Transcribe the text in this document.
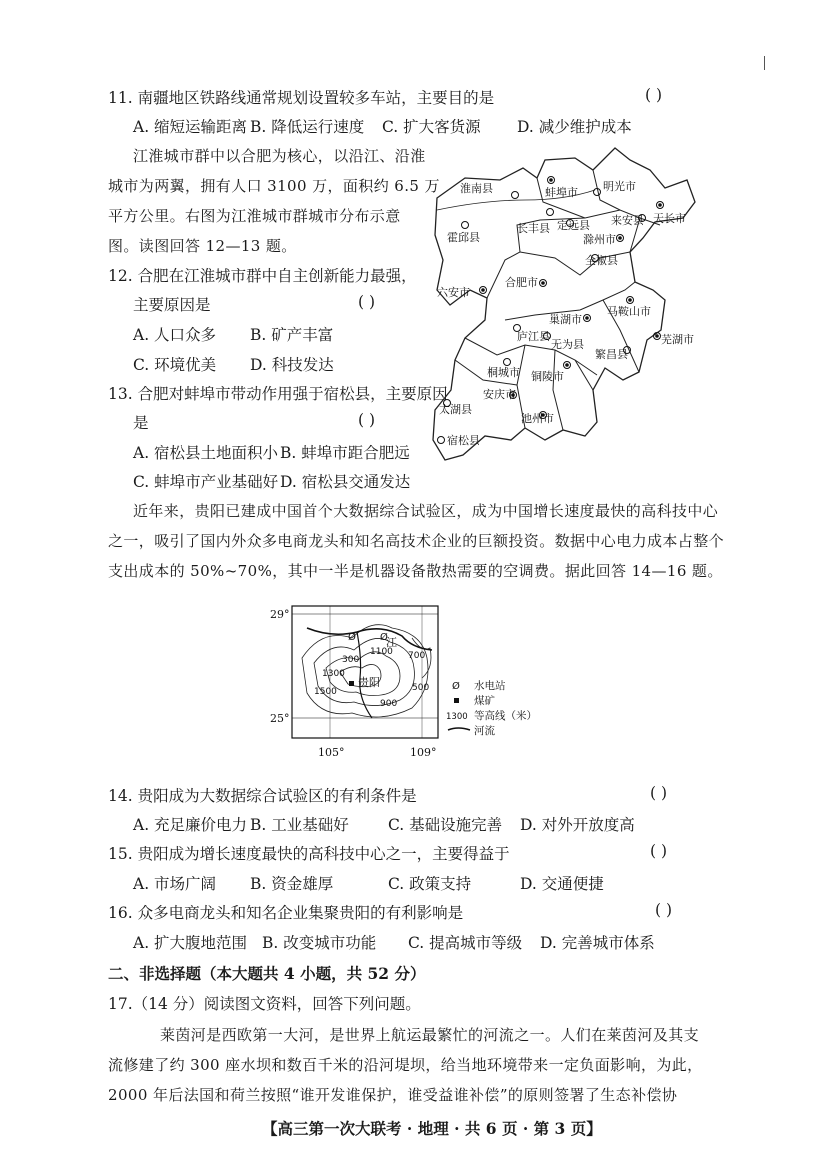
11. 南疆地区铁路线通常规划设置较多车站，主要目的是	( )
A. 缩短运输距离 B. 降低运行速度 C. 扩大客货源 D. 减少维护成本
江淮城市群中以合肥为核心，以沿江、沿淮
城市为两翼，拥有人口 3100 万，面积约 6.5 万
平方公里。右图为江淮城市群城市分布示意
图。读图回答 12—13 题。
12. 合肥在江淮城市群中自主创新能力最强，
主要原因是	( )
A. 人口众多 B. 矿产丰富
C. 环境优美 D. 科技发达
13. 合肥对蚌埠市带动作用强于宿松县，主要原因
是	( )
A. 宿松县土地面积小 B. 蚌埠市距合肥远
C. 蚌埠市产业基础好 D. 宿松县交通发达
淮南县	蚌埠市 明光市
天长市
霍邱县
长丰县 定远县 来安县
滁州市
全椒县
六安市
合肥市
巢湖市
马鞍山市
庐江县
无为县	芜湖市
繁昌县
桐城市 铜陵市
安庆市
太湖县
池州市
宿松县
近年来，贵阳已建成中国首个大数据综合试验区，成为中国增长速度最快的高科技中心
之一，吸引了国内外众多电商龙头和知名高技术企业的巨额投资。数据中心电力成本占整个
支出成本的 50%~70%，其中一半是机器设备散热需要的空调费。据此回答 14—16 题。
29°
25°
105°	109°
江
1100
1300
900
700
500
300
1500
Ø
Ø
贵阳	Ø 水电站
煤矿
1300 等高线（米）
河流
14. 贵阳成为大数据综合试验区的有利条件是	( )
A. 充足廉价电力 B. 工业基础好	C. 基础设施完善 D. 对外开放度高
15. 贵阳成为增长速度最快的高科技中心之一，主要得益于	( )
A. 市场广阔 B. 资金雄厚	C. 政策支持	D. 交通便捷
16. 众多电商龙头和知名企业集聚贵阳的有利影响是	( )
A. 扩大腹地范围 B. 改变城市功能 C. 提高城市等级 D. 完善城市体系
二、非选择题（本大题共 4 小题，共 52 分）
17.（14 分）阅读图文资料，回答下列问题。
莱茵河是西欧第一大河，是世界上航运最繁忙的河流之一。人们在莱茵河及其支
流修建了约 300 座水坝和数百千米的沿河堤坝，给当地环境带来一定负面影响，为此，
2000 年后法国和荷兰按照“谁开发谁保护，谁受益谁补偿”的原则签署了生态补偿协
【高三第一次大联考 · 地理 · 共 6 页 · 第 3 页】
